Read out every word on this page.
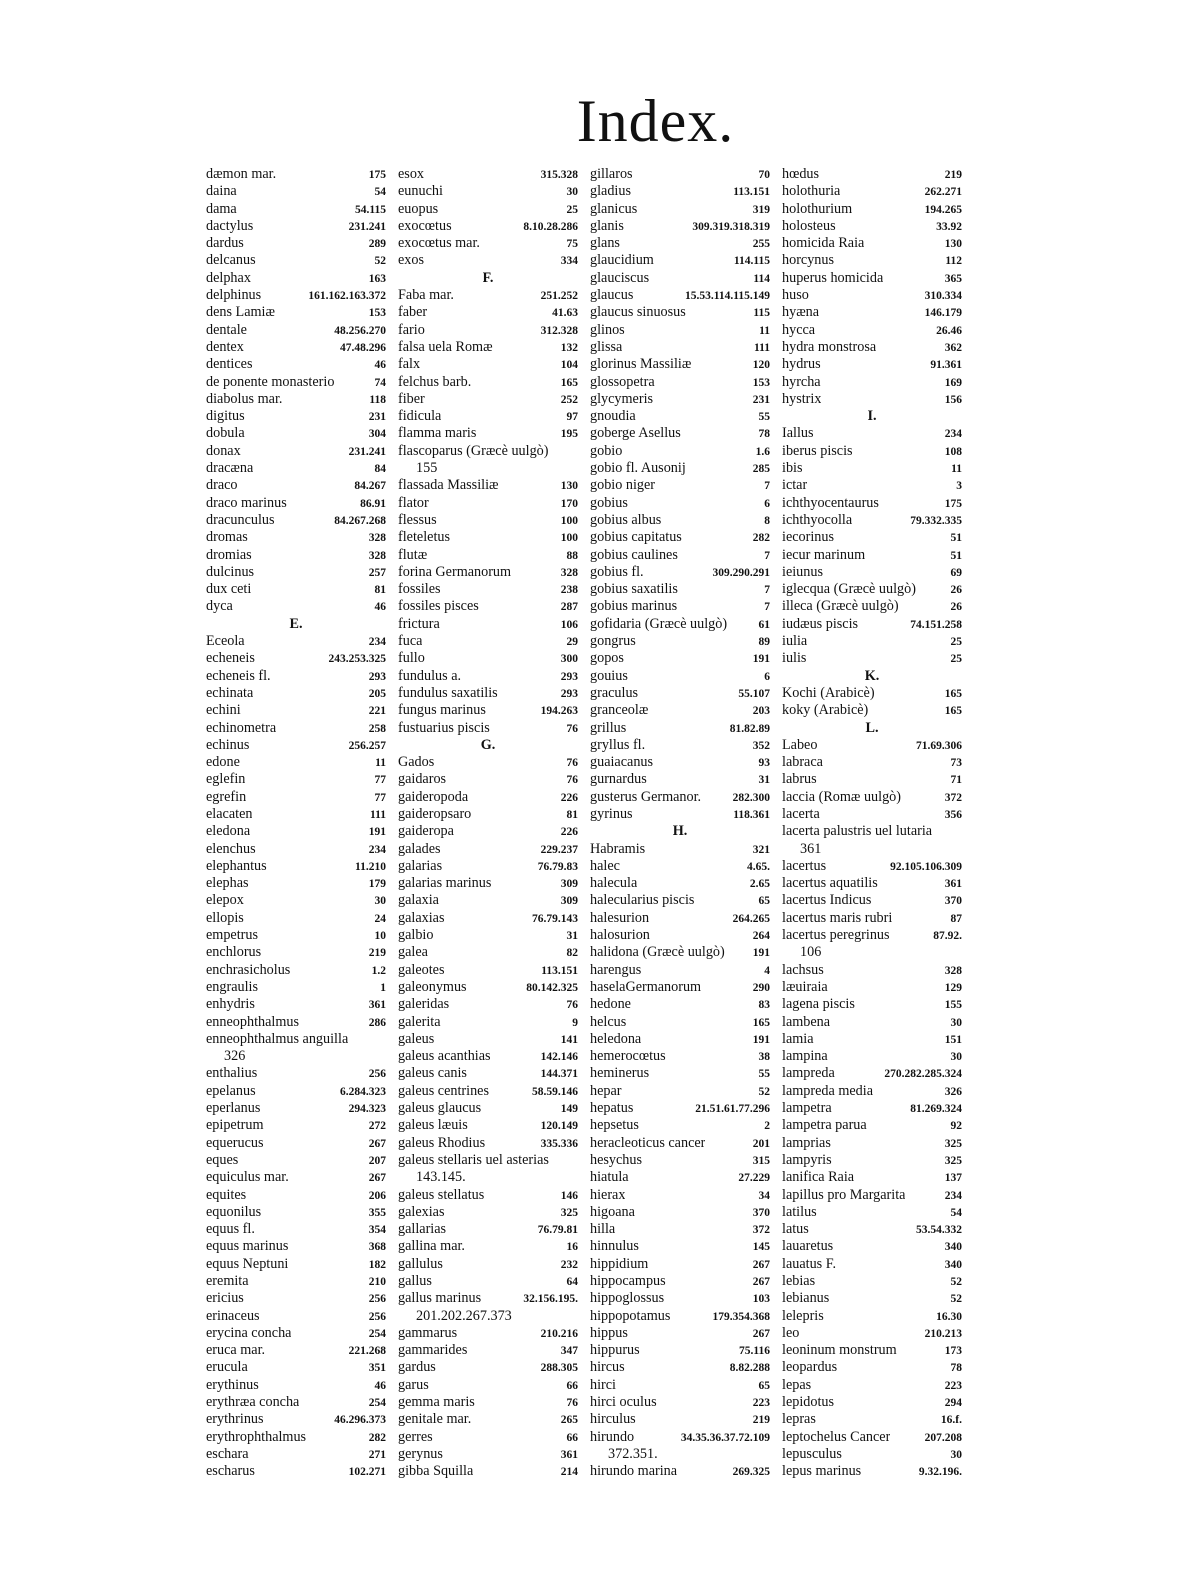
Index.
dæmon mar.	175
daina	54
dama	54.115
dactylus	231.241
dardus	289
delcanus	52
delphax	163
delphinus	161.162.163.372
dens Lamiæ	153
dentale	48.256.270
dentex	47.48.296
dentices	46
de ponente monasterio	74
diabolus mar.	118
digitus	231
dobula	304
donax	231.241
dracæna	84
draco	84.267
draco marinus	86.91
dracunculus	84.267.268
dromas	328
dromias	328
dulcinus	257
dux ceti	81
dyca	46
E.
Eceola	234
echeneis	243.253.325
echeneis fl.	293
echinata	205
echini	221
echinometra	258
echinus	256.257
edone	11
eglefin	77
egrefin	77
elacaten	111
eledona	191
elenchus	234
elephantus	11.210
elephas	179
elepox	30
ellopis	24
empetrus	10
enchlorus	219
enchrasicholus	1.2
engraulis	1
enhydris	361
enneophthalmus	286
enneophthalmus anguilla
326
enthalius	256
epelanus	6.284.323
eperlanus	294.323
epipetrum	272
equerucus	267
eques	207
equiculus mar.	267
equites	206
equonilus	355
equus fl.	354
equus marinus	368
equus Neptuni	182
eremita	210
ericius	256
erinaceus	256
erycina concha	254
eruca mar.	221.268
erucula	351
erythinus	46
erythræa concha	254
erythrinus	46.296.373
erythrophthalmus	282
eschara	271
escharus	102.271
esox	315.328
eunuchi	30
euopus	25
exocœtus	8.10.28.286
exocœtus mar.	75
exos	334
F.
Faba mar.	251.252
faber	41.63
fario	312.328
falsa uela Romæ	132
falx	104
felchus barb.	165
fiber	252
fidicula	97
flamma maris	195
flascoparus (Græcè uulgò)
155
flassada Massiliæ	130
flator	170
flessus	100
fleteletus	100
flutæ	88
forina Germanorum	328
fossiles	238
fossiles pisces	287
frictura	106
fuca	29
fullo	300
fundulus a.	293
fundulus saxatilis	293
fungus marinus	194.263
fustuarius piscis	76
G.
Gados	76
gaidaros	76
gaideropoda	226
gaideropsaro	81
gaideropa	226
galades	229.237
galarias	76.79.83
galarias marinus	309
galaxia	309
galaxias	76.79.143
galbio	31
galea	82
galeotes	113.151
galeonymus	80.142.325
galeridas	76
galerita	9
galeus	141
galeus acanthias	142.146
galeus canis	144.371
galeus centrines	58.59.146
galeus glaucus	149
galeus læuis	120.149
galeus Rhodius	335.336
galeus stellaris uel asterias
143.145.
galeus stellatus	146
galexias	325
gallarias	76.79.81
gallina mar.	16
gallulus	232
gallus	64
gallus marinus	32.156.195.
201.202.267.373
gammarus	210.216
gammarides	347
gardus	288.305
garus	66
gemma maris	76
genitale mar.	265
gerres	66
gerynus	361
gibba Squilla	214
gillaros	70
gladius	113.151
glanicus	319
glanis	309.319.318.319
glans	255
glaucidium	114.115
glauciscus	114
glaucus	15.53.114.115.149
glaucus sinuosus	115
glinos	11
glissa	111
glorinus Massiliæ	120
glossopetra	153
glycymeris	231
gnoudia	55
goberge Asellus	78
gobio	1.6
gobio fl. Ausonij	285
gobio niger	7
gobius	6
gobius albus	8
gobius capitatus	282
gobius caulines	7
gobius fl.	309.290.291
gobius saxatilis	7
gobius marinus	7
gofidaria (Græcè uulgò)	61
gongrus	89
gopos	191
gouius	6
graculus	55.107
granceolæ	203
grillus	81.82.89
gryllus fl.	352
guaiacanus	93
gurnardus	31
gusterus Germanor.	282.300
gyrinus	118.361
H.
Habramis	321
halec	4.65.
halecula	2.65
halecularius piscis	65
halesurion	264.265
halosurion	264
halidona (Græcè uulgò)	191
harengus	4
haselaGermanorum	290
hedone	83
helcus	165
heledona	191
hemerocœtus	38
heminerus	55
hepar	52
hepatus	21.51.61.77.296
hepsetus	2
heracleoticus cancer	201
hesychus	315
hiatula	27.229
hierax	34
higoana	370
hilla	372
hinnulus	145
hippidium	267
hippocampus	267
hippoglossus	103
hippopotamus	179.354.368
hippus	267
hippurus	75.116
hircus	8.82.288
hirci	65
hirci oculus	223
hirculus	219
hirundo	34.35.36.37.72.109
372.351.
hirundo marina	269.325
hœdus	219
holothuria	262.271
holothurium	194.265
holosteus	33.92
homicida Raia	130
horcynus	112
huperus homicida	365
huso	310.334
hyæna	146.179
hycca	26.46
hydra monstrosa	362
hydrus	91.361
hyrcha	169
hystrix	156
I.
Iallus	234
iberus piscis	108
ibis	11
ictar	3
ichthyocentaurus	175
ichthyocolla	79.332.335
iecorinus	51
iecur marinum	51
ieiunus	69
iglecqua (Græcè uulgò)	26
illeca (Græcè uulgò)	26
iudæus piscis	74.151.258
iulia	25
iulis	25
K.
Kochi (Arabicè)	165
koky (Arabicè)	165
L.
Labeo	71.69.306
labraca	73
labrus	71
laccia (Romæ uulgò)	372
lacerta	356
lacerta palustris uel lutaria
361
lacertus	92.105.106.309
lacertus aquatilis	361
lacertus Indicus	370
lacertus maris rubri	87
lacertus peregrinus	87.92.
106
lachsus	328
læuiraia	129
lagena piscis	155
lambena	30
lamia	151
lampina	30
lampreda	270.282.285.324
lampreda media	326
lampetra	81.269.324
lampetra parua	92
lamprias	325
lampyris	325
lanifica Raia	137
lapillus pro Margarita	234
latilus	54
latus	53.54.332
lauaretus	340
lauatus F.	340
lebias	52
lebianus	52
lelepris	16.30
leo	210.213
leoninum monstrum	173
leopardus	78
lepas	223
lepidotus	294
lepras	16.f.
leptochelus Cancer	207.208
lepusculus	30
lepus marinus	9.32.196.
